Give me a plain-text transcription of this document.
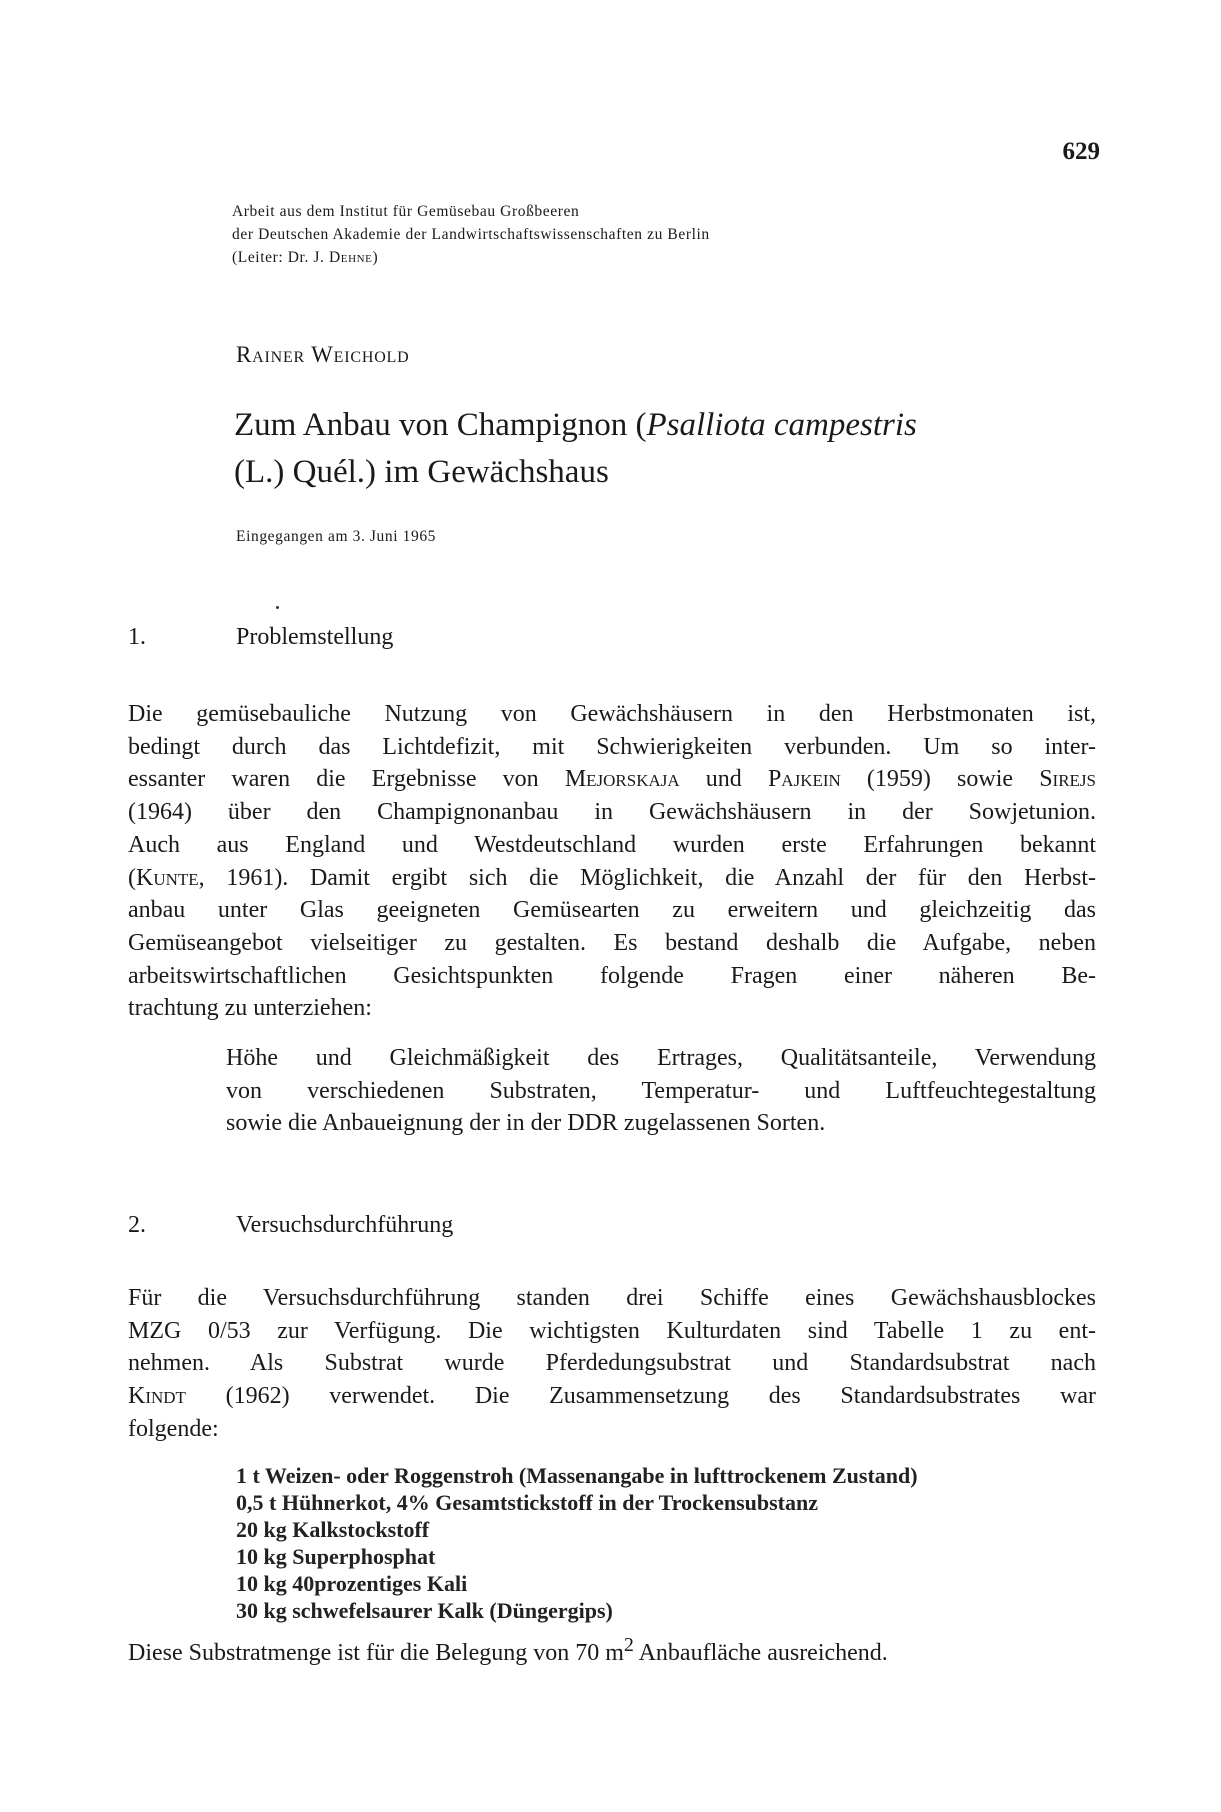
629
Arbeit aus dem Institut für Gemüsebau Großbeeren
der Deutschen Akademie der Landwirtschaftswissenschaften zu Berlin
(Leiter: Dr. J. Dehne)
Rainer Weichold
Zum Anbau von Champignon (Psalliota campestris
(L.) Quél.) im Gewächshaus
Eingegangen am 3. Juni 1965
1.	Problemstellung
Die gemüsebauliche Nutzung von Gewächshäusern in den Herbstmonaten ist,
bedingt durch das Lichtdefizit, mit Schwierigkeiten verbunden. Um so inter-
essanter waren die Ergebnisse von Mejorskaja und Pajkein (1959) sowie Sirejs
(1964) über den Champignonanbau in Gewächshäusern in der Sowjetunion.
Auch aus England und Westdeutschland wurden erste Erfahrungen bekannt
(Kunte, 1961). Damit ergibt sich die Möglichkeit, die Anzahl der für den Herbst-
anbau unter Glas geeigneten Gemüsearten zu erweitern und gleichzeitig das
Gemüseangebot vielseitiger zu gestalten. Es bestand deshalb die Aufgabe, neben
arbeitswirtschaftlichen Gesichtspunkten folgende Fragen einer näheren Be-
trachtung zu unterziehen:
Höhe und Gleichmäßigkeit des Ertrages, Qualitätsanteile, Verwendung
von verschiedenen Substraten, Temperatur- und Luftfeuchtegestaltung
sowie die Anbaueignung der in der DDR zugelassenen Sorten.
2.	Versuchsdurchführung
Für die Versuchsdurchführung standen drei Schiffe eines Gewächshausblockes
MZG 0/53 zur Verfügung. Die wichtigsten Kulturdaten sind Tabelle 1 zu ent-
nehmen. Als Substrat wurde Pferdedungsubstrat und Standardsubstrat nach
Kindt (1962) verwendet. Die Zusammensetzung des Standardsubstrates war
folgende:
1 t Weizen- oder Roggenstroh (Massenangabe in lufttrockenem Zustand)
0,5 t Hühnerkot, 4% Gesamtstickstoff in der Trockensubstanz
20 kg Kalkstockstoff
10 kg Superphosphat
10 kg 40prozentiges Kali
30 kg schwefelsaurer Kalk (Düngergips)
Diese Substratmenge ist für die Belegung von 70 $m^2$ Anbaufläche ausreichend.
